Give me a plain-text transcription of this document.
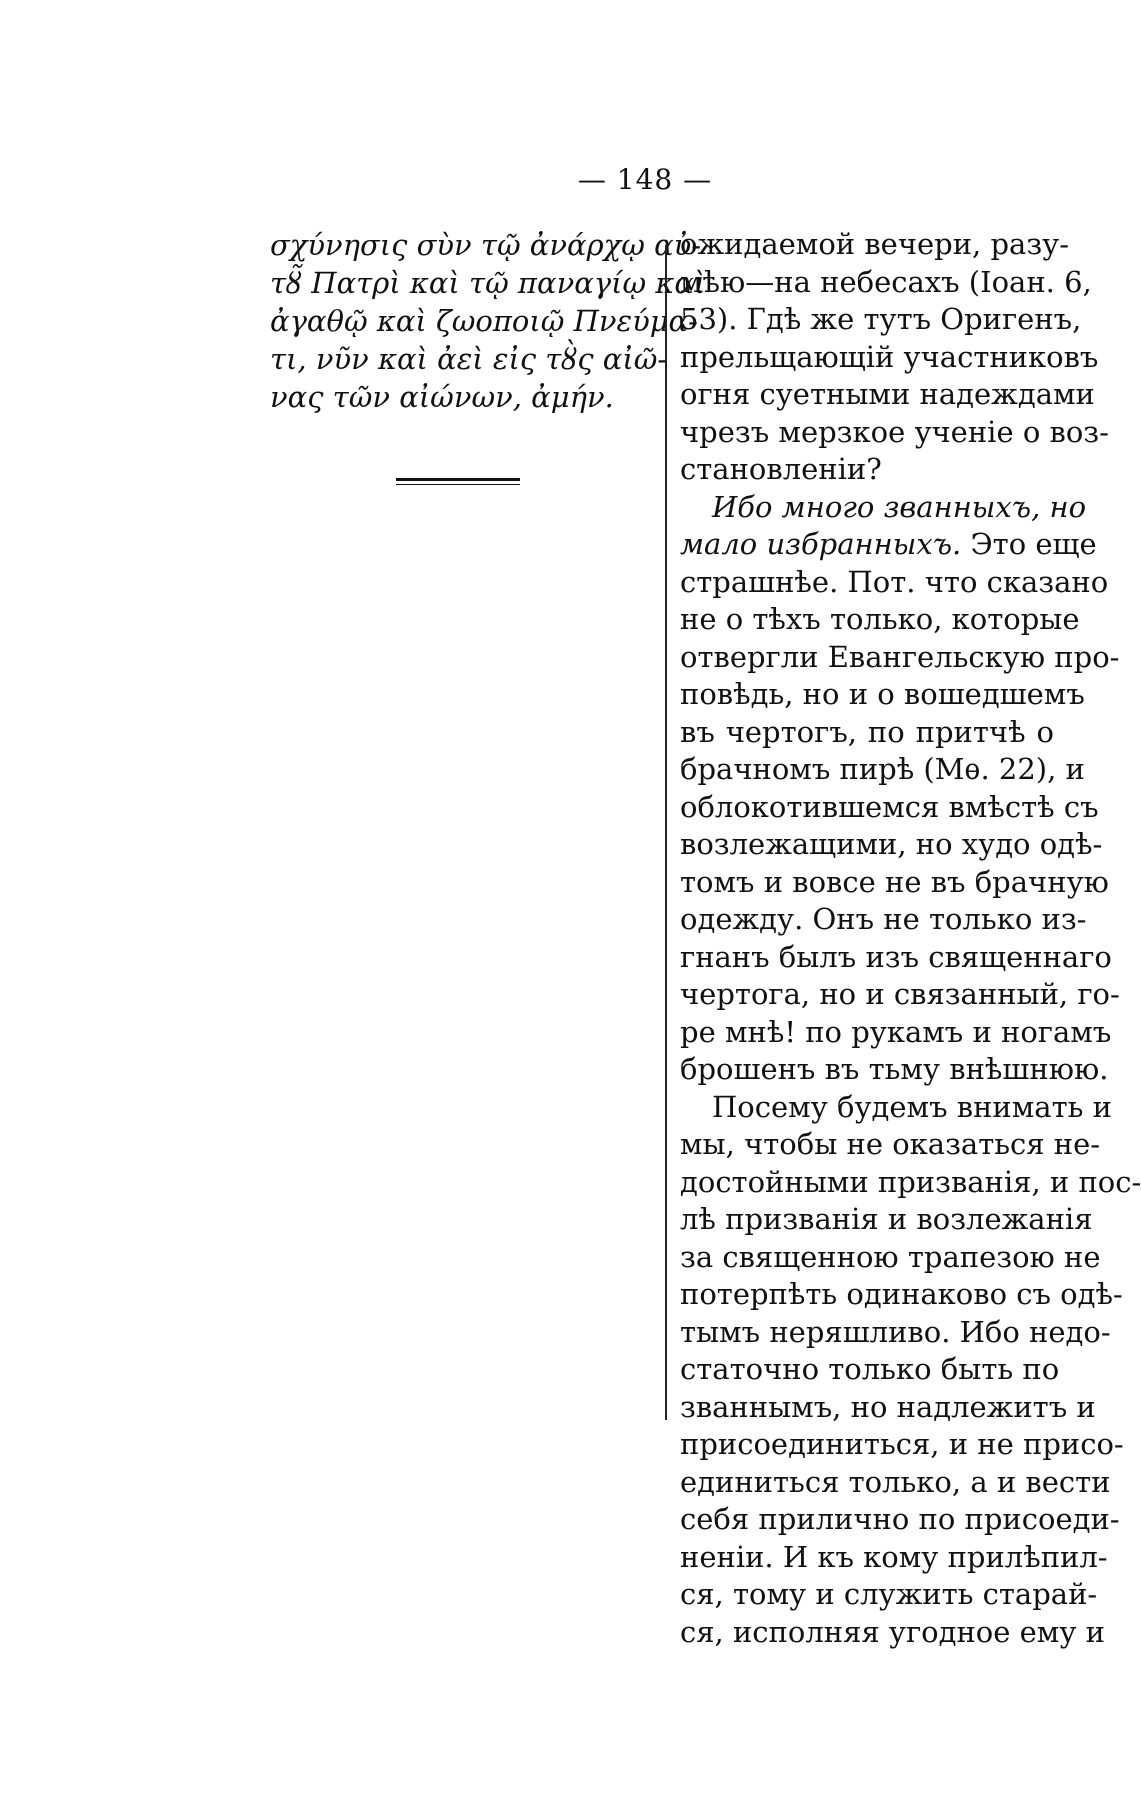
— 148 —
σχύνησις σὺν τῷ ἀνάρχῳ αὐ-
τȣ̃ Πατρὶ καὶ τῷ παναγίῳ καὶ
ἀγαθῷ καὶ ζωοποιῷ Πνεύμα-
τι, νῦν καὶ ἀεὶ εἰς τȣ̀ς αἰῶ-
νας τῶν αἰώνων, ἀμήν.
ожидаемой вечери, разу-
мѣю—на небесахъ (Іоан. 6,
53). Гдѣ же тутъ Оригенъ,
прельщающій участниковъ
огня суетными надеждами
чрезъ мерзкое ученіе о воз-
становленіи?
Ибо много званныхъ, но
мало избранныхъ. Это еще
страшнѣе. Пот. что сказано
не о тѣхъ только, которые
отвергли Евангельскую про-
повѣдь, но и о вошедшемъ
въ чертогъ, по притчѣ о
брачномъ пирѣ (Мѳ. 22), и
облокотившемся вмѣстѣ съ
возлежащими, но худо одѣ-
томъ и вовсе не въ брачную
одежду. Онъ не только из-
гнанъ былъ изъ священнаго
чертога, но и связанный, го-
ре мнѣ! по рукамъ и ногамъ
брошенъ въ тьму внѣшнюю.
Посему будемъ внимать и
мы, чтобы не оказаться не-
достойными призванія, и пос-
лѣ призванія и возлежанія
за священною трапезою не
потерпѣть одинаково съ одѣ-
тымъ неряшливо. Ибо недо-
статочно только быть по
званнымъ, но надлежитъ и
присоединиться, и не присо-
единиться только, а и вести
себя прилично по присоеди-
неніи. И къ кому прилѣпил-
ся, тому и служить старай-
ся, исполняя угодное ему и
